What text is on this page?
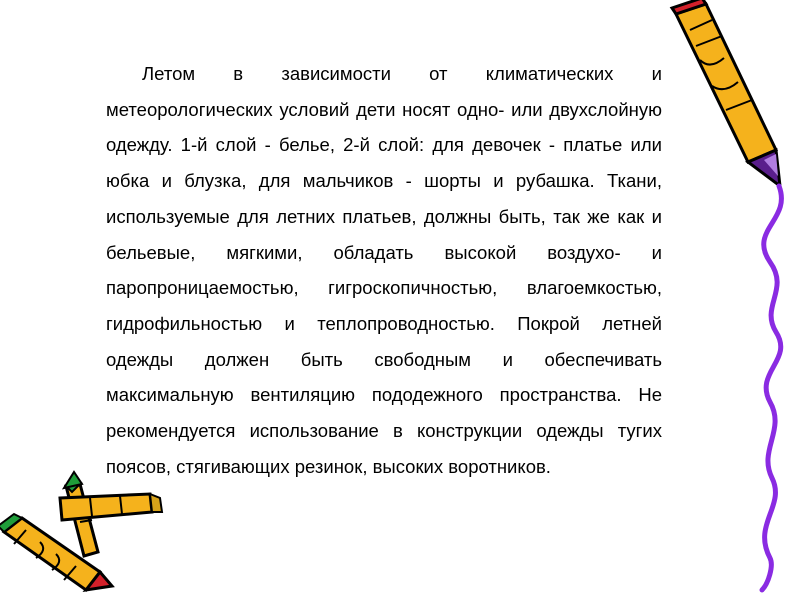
Летом в зависимости от климатических и метеорологических условий дети носят одно- или двухслойную одежду. 1-й слой - белье, 2-й слой: для девочек - платье или юбка и блузка, для мальчиков - шорты и рубашка. Ткани, используемые для летних платьев, должны быть, так же как и бельевые, мягкими, обладать высокой воздухо- и паропроницаемостью, гигроскопичностью, влагоемкостью, гидрофильностью и теплопроводностью. Покрой летней одежды должен быть свободным и обеспечивать максимальную вентиляцию пододежного пространства. Не рекомендуется использование в конструкции одежды тугих поясов, стягивающих резинок, высоких воротников.
